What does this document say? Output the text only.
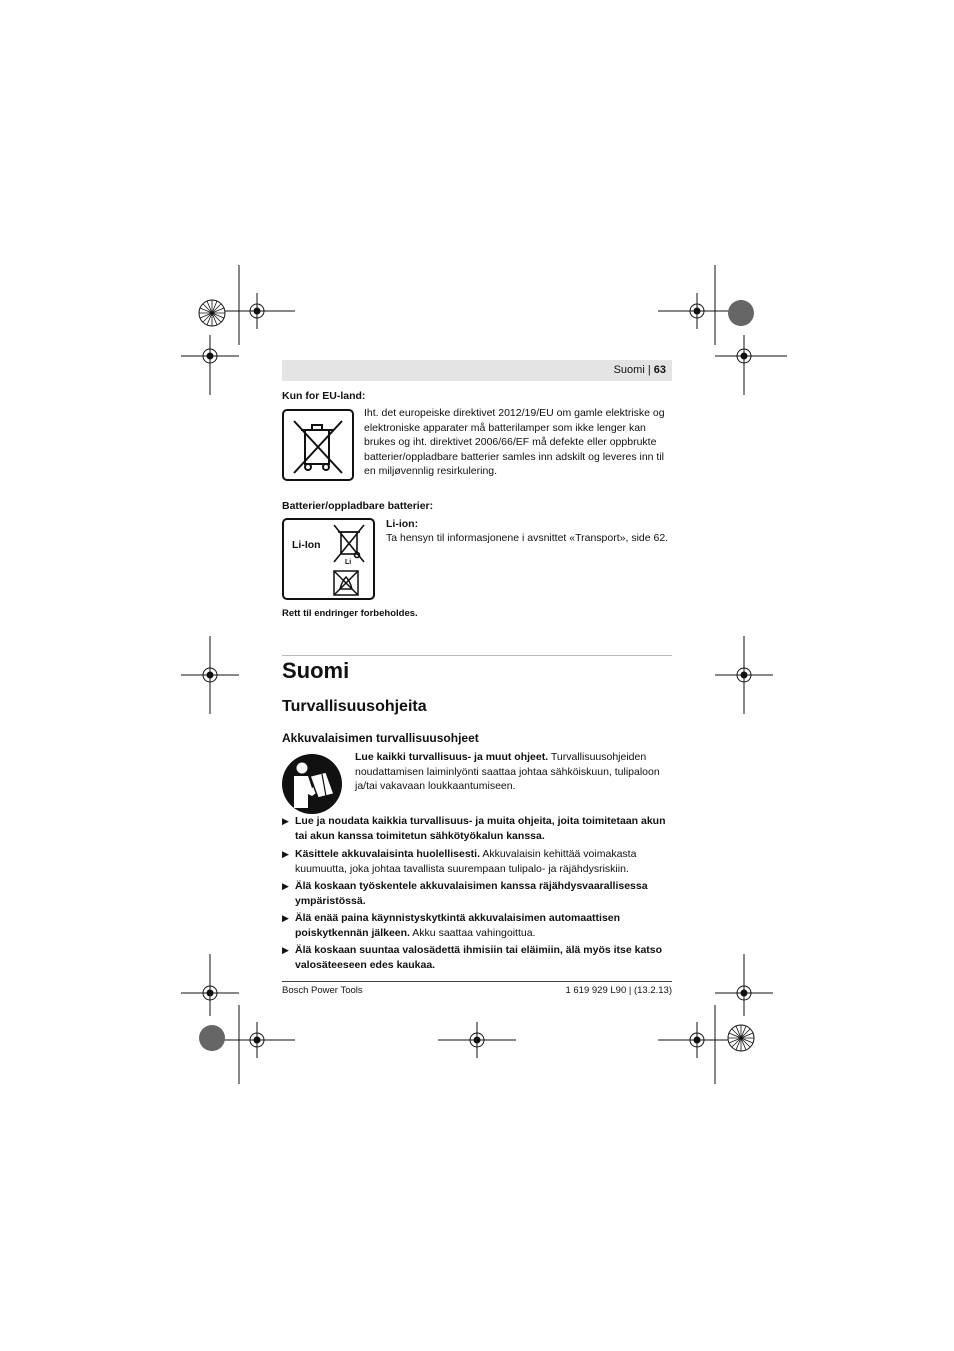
Suomi | 63
Kun for EU-land:
Iht. det europeiske direktivet 2012/19/EU om gamle elektriske og elektroniske apparater må batterilamper som ikke lenger kan brukes og iht. direktivet 2006/66/EF må defekte eller oppbrukte batterier/oppladbare batterier samles inn adskilt og leveres inn til en miljøvennlig resirkulering.
Batterier/oppladbare batterier:
Li-Ion
Li
Li-ion:
Ta hensyn til informasjonene i avsnittet «Transport», side 62.
Rett til endringer forbeholdes.
Suomi
Turvallisuusohjeita
Akkuvalaisimen turvallisuusohjeet
Lue kaikki turvallisuus- ja muut ohjeet. Turvallisuusohjeiden noudattamisen laiminlyönti saattaa johtaa sähköiskuun, tulipaloon ja/tai vakavaan loukkaantumiseen.
▶ Lue ja noudata kaikkia turvallisuus- ja muita ohjeita, joita toimitetaan akun tai akun kanssa toimitetun sähkötyökalun kanssa.
▶ Käsittele akkuvalaisinta huolellisesti. Akkuvalaisin kehittää voimakasta kuumuutta, joka johtaa tavallista suurempaan tulipalo- ja räjähdysriskiin.
▶ Älä koskaan työskentele akkuvalaisimen kanssa räjähdysvaarallisessa ympäristössä.
▶ Älä enää paina käynnistyskytkintä akkuvalaisimen automaattisen poiskytkennän jälkeen. Akku saattaa vahingoittua.
▶ Älä koskaan suuntaa valosädettä ihmisiin tai eläimiin, älä myös itse katso valosäteeseen edes kaukaa.
Bosch Power Tools	1 619 929 L90 | (13.2.13)
